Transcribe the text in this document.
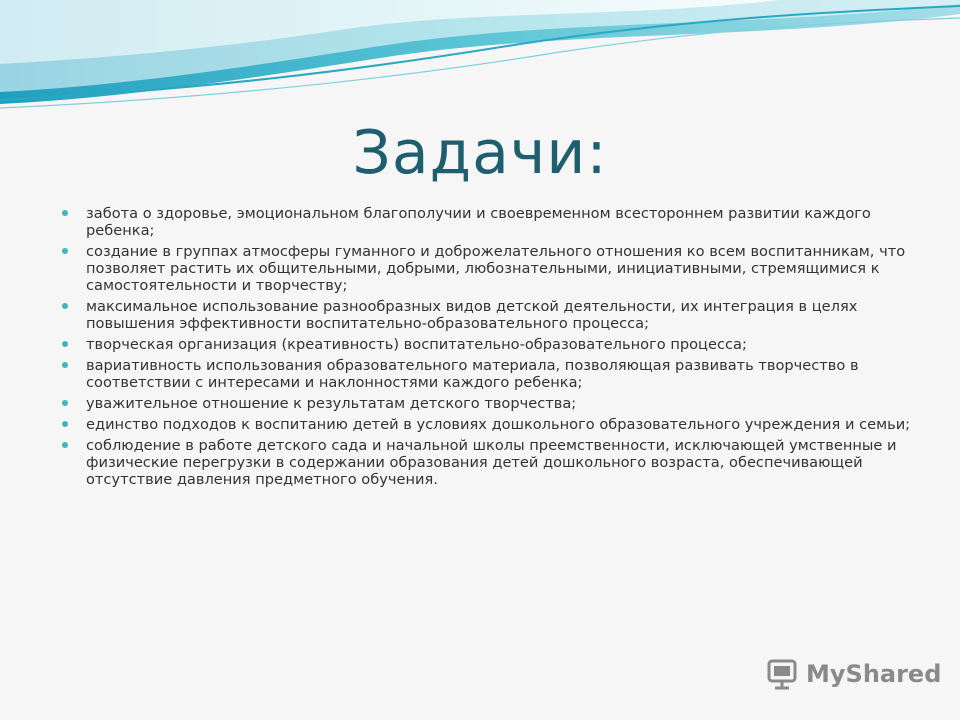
Задачи:
забота о здоровье, эмоциональном благополучии и своевременном всестороннем развитии каждого ребенка;
создание в группах атмосферы гуманного и доброжелательного отношения ко всем воспитанникам, что позволяет растить их общительными, добрыми, любознательными, инициативными, стремящимися к самостоятельности и творчеству;
максимальное использование разнообразных видов детской деятельности, их интеграция в целях повышения эффективности воспитательно-образовательного процесса;
творческая организация (креативность) воспитательно-образовательного процесса;
вариативность использования образовательного материала, позволяющая развивать творчество в соответствии с интересами и наклонностями каждого ребенка;
уважительное отношение к результатам детского творчества;
единство подходов к воспитанию детей в условиях дошкольного образовательного учреждения и семьи;
соблюдение в работе детского сада и начальной школы преемственности, исключающей умственные и физические перегрузки в содержании образования детей дошкольного возраста, обеспечивающей отсутствие давления предметного обучения.
MyShared
